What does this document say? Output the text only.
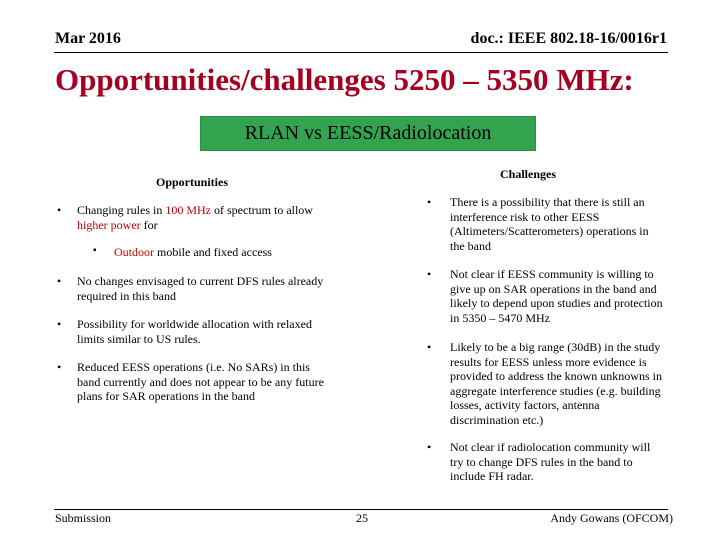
Mar 2016	doc.: IEEE 802.18-16/0016r1
Opportunities/challenges 5250 – 5350 MHz:
RLAN vs EESS/Radiolocation
Opportunities
• Changing rules in 100 MHz of spectrum to allow higher power for
▪ Outdoor mobile and fixed access
• No changes envisaged to current DFS rules already required in this band
• Possibility for worldwide allocation with relaxed limits similar to US rules.
• Reduced EESS operations (i.e. No SARs) in this band currently and does not appear to be any future plans for SAR operations in the band
Challenges
• There is a possibility that there is still an interference risk to other EESS (Altimeters/Scatterometers) operations in the band
• Not clear if EESS community is willing to give up on SAR operations in the band and likely to depend upon studies and protection in 5350 – 5470 MHz
• Likely to be a big range (30dB) in the study results for EESS unless more evidence is provided to address the known unknowns in aggregate interference studies (e.g. building losses, activity factors, antenna discrimination etc.)
• Not clear if radiolocation community will try to change DFS rules in the band to include FH radar.
Submission	25	Andy Gowans (OFCOM)
